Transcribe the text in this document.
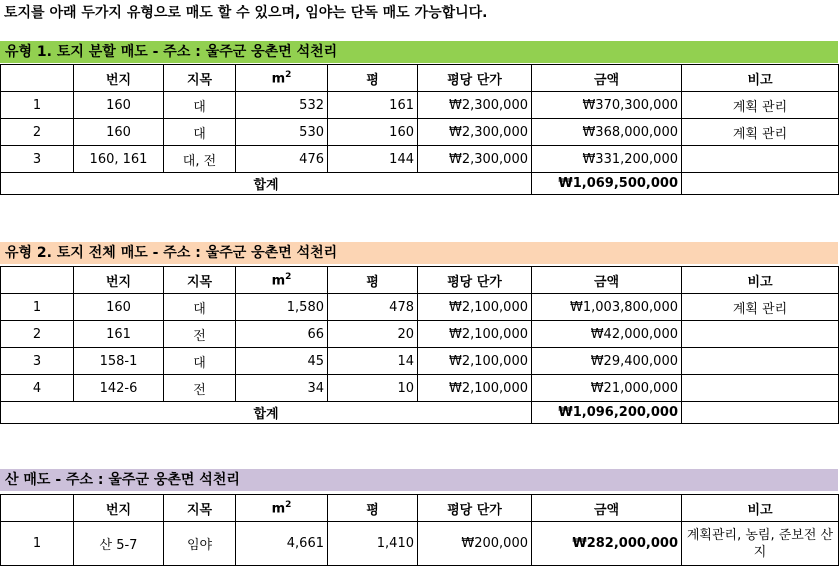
토지를 아래 두가지 유형으로 매도 할 수 있으며, 임야는 단독 매도 가능합니다.
유형 1. 토지 분할 매도 - 주소 : 울주군 웅촌면 석천리
	번지	지목	$m^2$	평	평당 단가	금액	비고
1	160	대	532	161	₩2,300,000	₩370,300,000	계획 관리
2	160	대	530	160	₩2,300,000	₩368,000,000	계획 관리
3	160, 161	대, 전	476	144	₩2,300,000	₩331,200,000	
합계						₩1,069,500,000	
유형 2. 토지 전체 매도 - 주소 : 울주군 웅촌면 석천리
	번지	지목	$m^2$	평	평당 단가	금액	비고
1	160	대	1,580	478	₩2,100,000	₩1,003,800,000	계획 관리
2	161	전	66	20	₩2,100,000	₩42,000,000	
3	158-1	대	45	14	₩2,100,000	₩29,400,000	
4	142-6	전	34	10	₩2,100,000	₩21,000,000	
합계						₩1,096,200,000	
산 매도 - 주소 : 울주군 웅촌면 석천리
	번지	지목	$m^2$	평	평당 단가	금액	비고
1	산 5-7	임야	4,661	1,410	₩200,000	₩282,000,000	계획관리, 농림, 준보전 산지
